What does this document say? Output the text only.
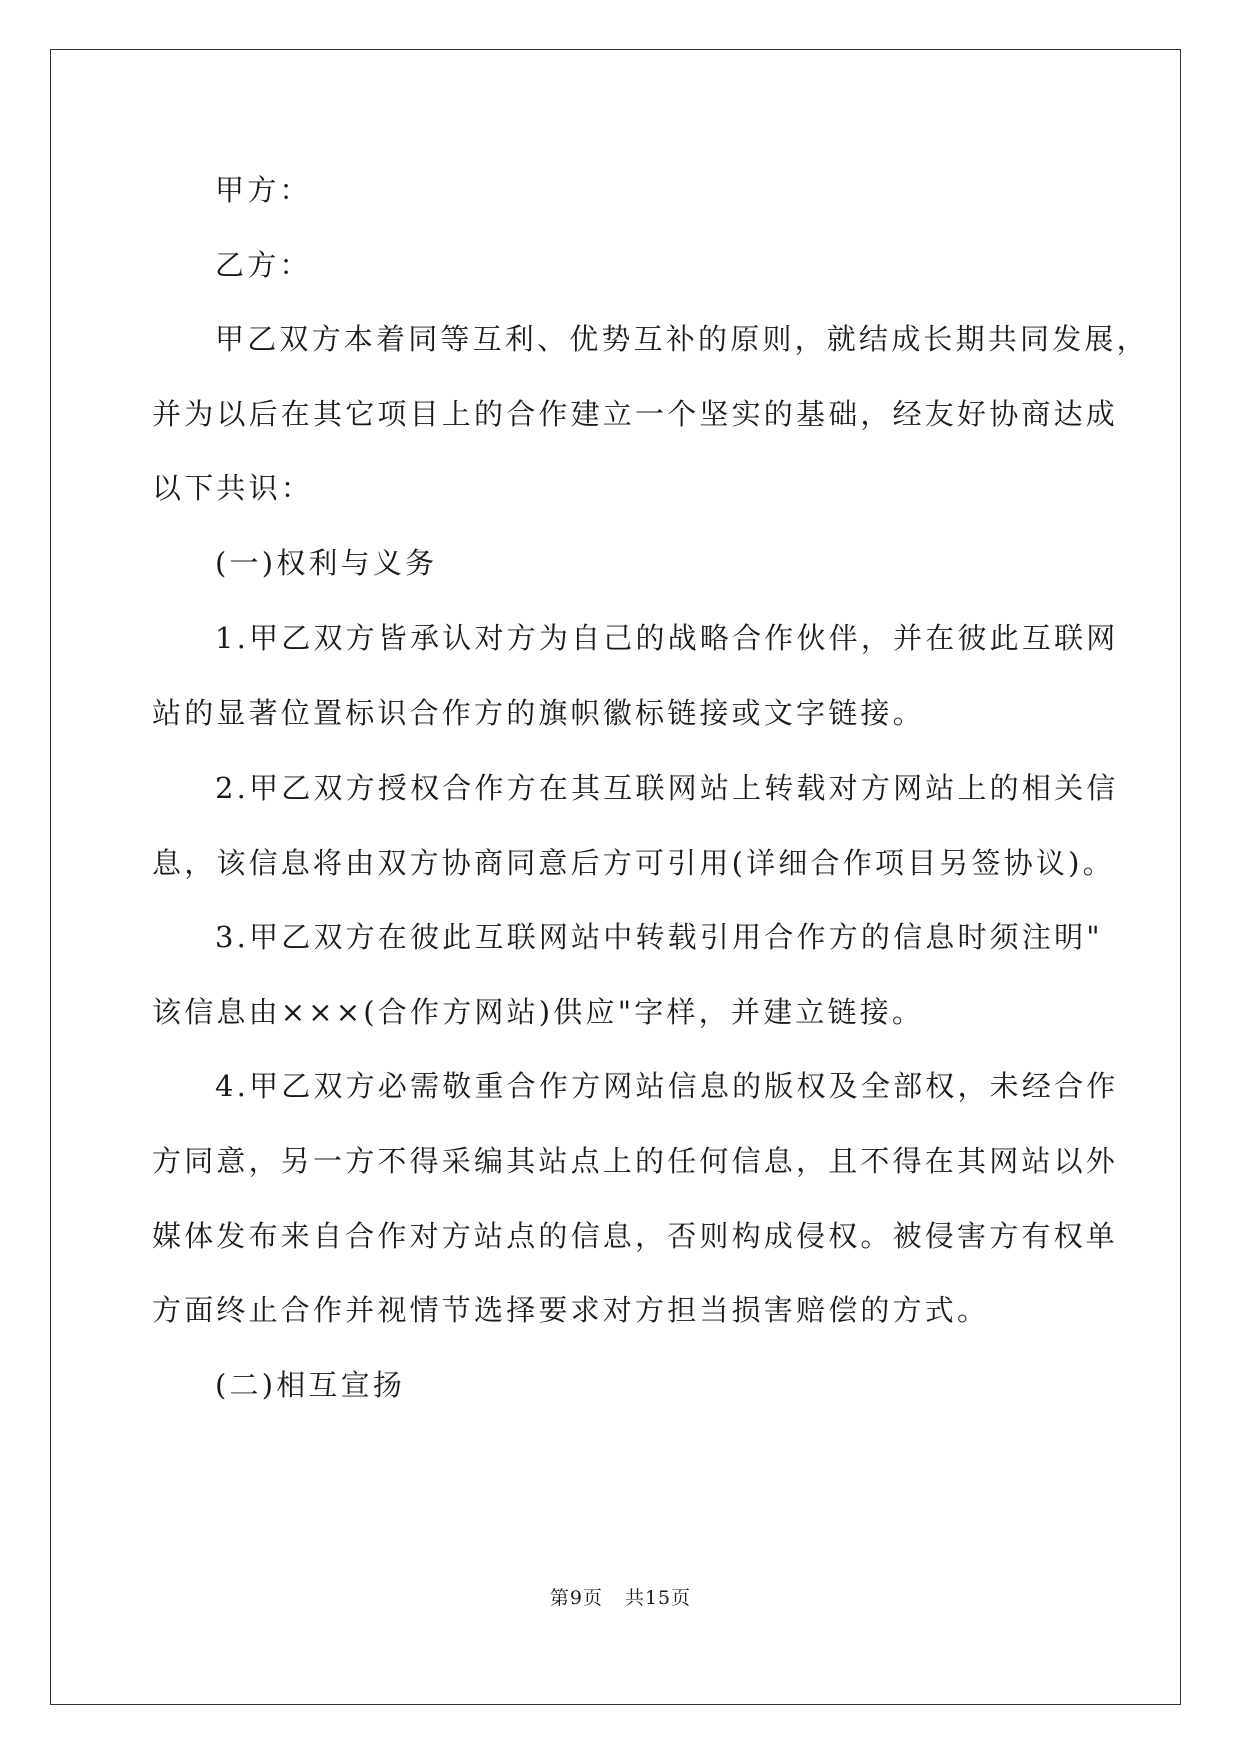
甲方：
乙方：
甲乙双方本着同等互利、优势互补的原则，就结成长期共同发展，
并为以后在其它项目上的合作建立一个坚实的基础，经友好协商达成
以下共识：
(一)权利与义务
1.甲乙双方皆承认对方为自己的战略合作伙伴，并在彼此互联网
站的显著位置标识合作方的旗帜徽标链接或文字链接。
2.甲乙双方授权合作方在其互联网站上转载对方网站上的相关信
息，该信息将由双方协商同意后方可引用(详细合作项目另签协议)。
3.甲乙双方在彼此互联网站中转载引用合作方的信息时须注明"
该信息由×××(合作方网站)供应"字样，并建立链接。
4.甲乙双方必需敬重合作方网站信息的版权及全部权，未经合作
方同意，另一方不得采编其站点上的任何信息，且不得在其网站以外
媒体发布来自合作对方站点的信息，否则构成侵权。被侵害方有权单
方面终止合作并视情节选择要求对方担当损害赔偿的方式。
(二)相互宣扬
第9页 共15页
